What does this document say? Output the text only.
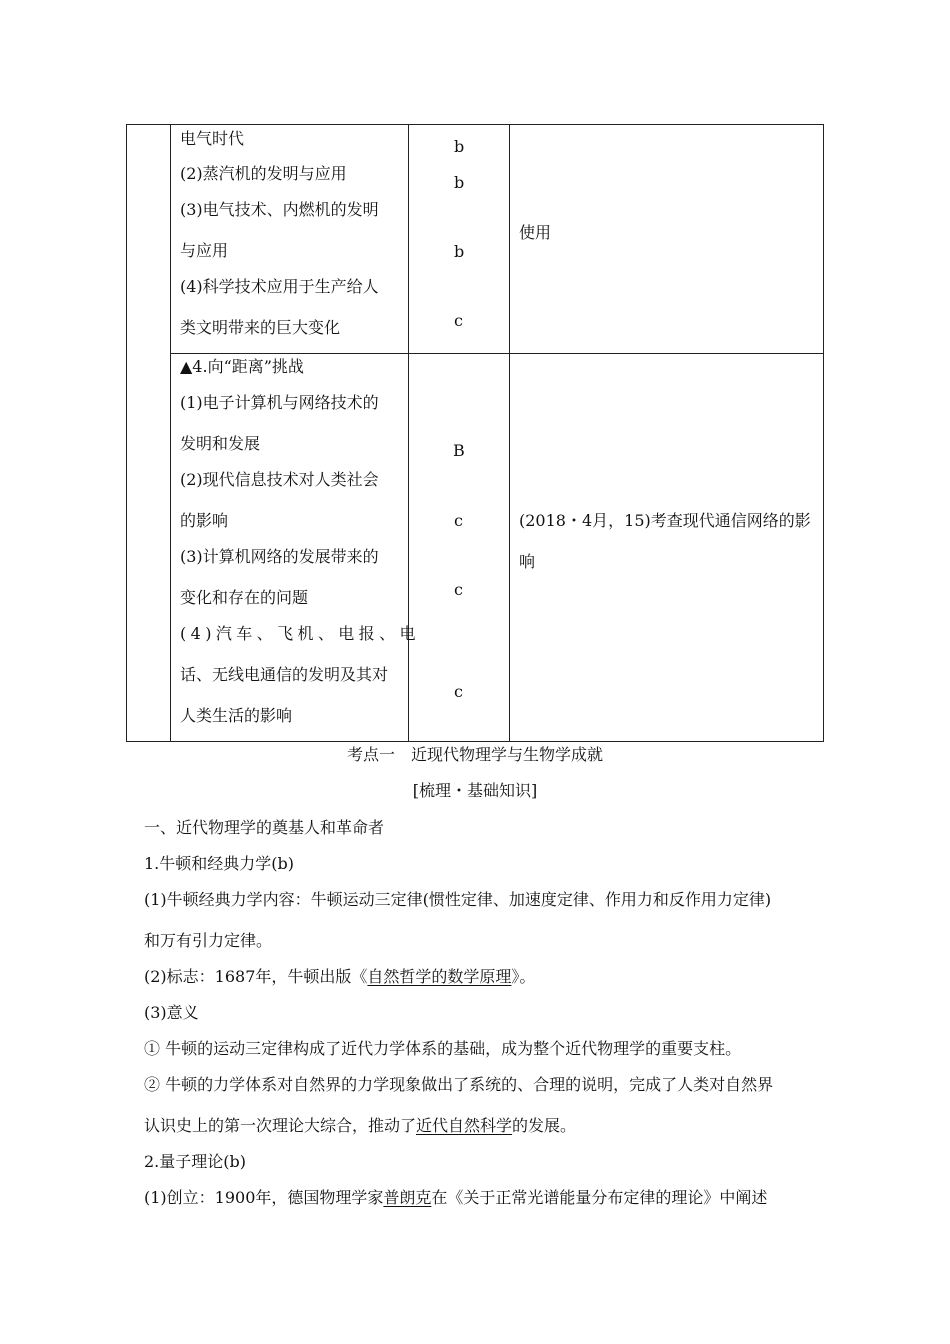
电气时代
(2)蒸汽机的发明与应用
(3)电气技术、内燃机的发明
与应用
(4)科学技术应用于生产给人
类文明带来的巨大变化
b
b
b
c
使用
▲4.向“距离”挑战
(1)电子计算机与网络技术的
发明和发展
(2)现代信息技术对人类社会
的影响
(3)计算机网络的发展带来的
变化和存在的问题
(4)汽车、飞机、电报、电
话、无线电通信的发明及其对
人类生活的影响
B
c
c
c
(2018・4月，15)考查现代通信网络的影
响
考点一　近现代物理学与生物学成就
[梳理・基础知识]
一、近代物理学的奠基人和革命者
1.牛顿和经典力学(b)
(1)牛顿经典力学内容：牛顿运动三定律(惯性定律、加速度定律、作用力和反作用力定律)
和万有引力定律。
(2)标志：1687年，牛顿出版《自然哲学的数学原理》。
(3)意义
① 牛顿的运动三定律构成了近代力学体系的基础，成为整个近代物理学的重要支柱。
② 牛顿的力学体系对自然界的力学现象做出了系统的、合理的说明，完成了人类对自然界
认识史上的第一次理论大综合，推动了近代自然科学的发展。
2.量子理论(b)
(1)创立：1900年，德国物理学家普朗克在《关于正常光谱能量分布定律的理论》中阐述
